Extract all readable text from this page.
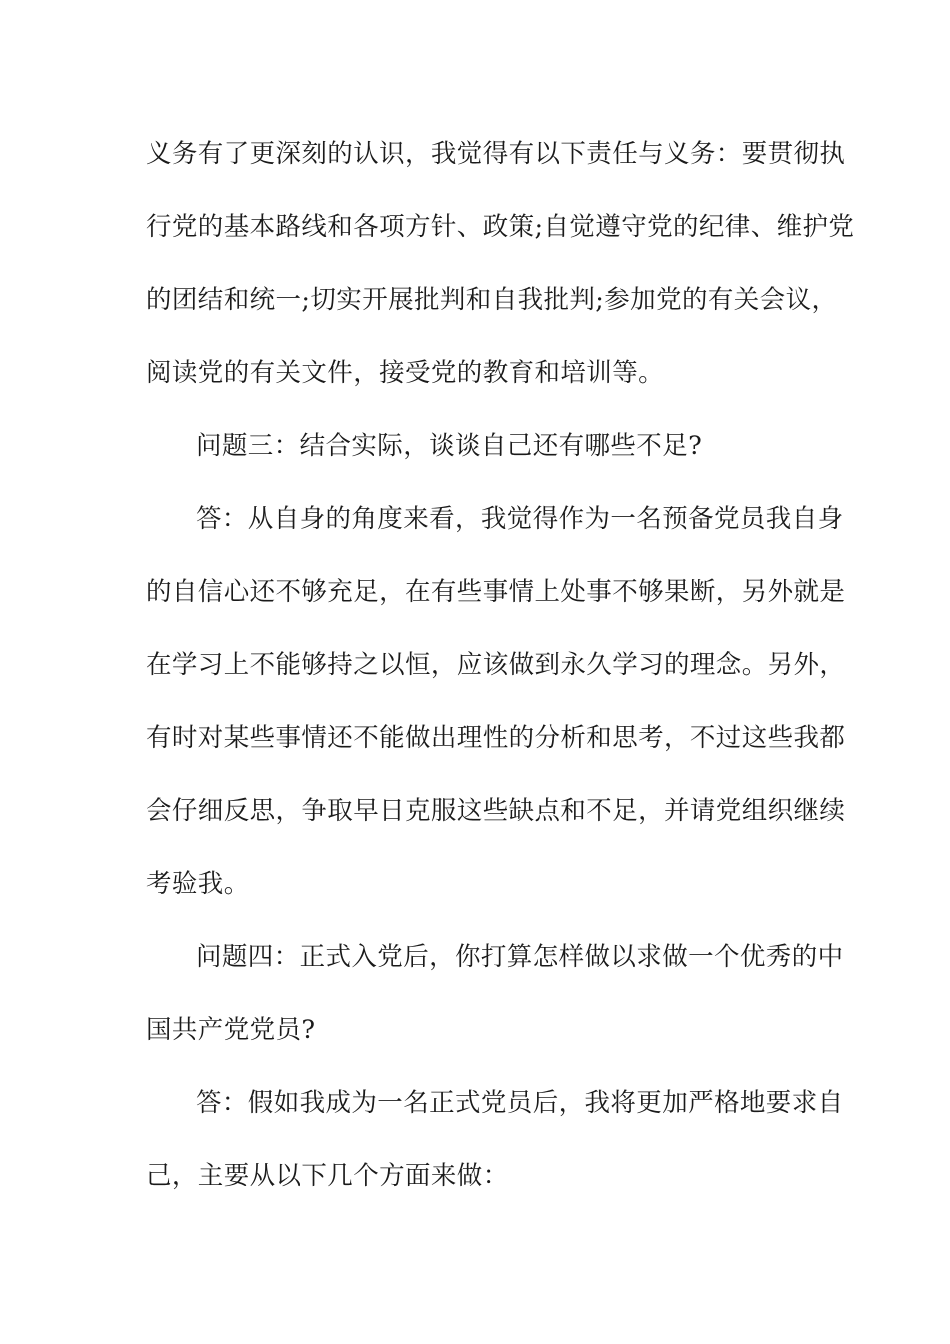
义务有了更深刻的认识，我觉得有以下责任与义务：要贯彻执
行党的基本路线和各项方针、政策;自觉遵守党的纪律、维护党
的团结和统一;切实开展批判和自我批判;参加党的有关会议，
阅读党的有关文件，接受党的教育和培训等。
问题三：结合实际，谈谈自己还有哪些不足?
答：从自身的角度来看，我觉得作为一名预备党员我自身
的自信心还不够充足，在有些事情上处事不够果断，另外就是
在学习上不能够持之以恒，应该做到永久学习的理念。另外，
有时对某些事情还不能做出理性的分析和思考，不过这些我都
会仔细反思，争取早日克服这些缺点和不足，并请党组织继续
考验我。
问题四：正式入党后，你打算怎样做以求做一个优秀的中
国共产党党员?
答：假如我成为一名正式党员后，我将更加严格地要求自
己，主要从以下几个方面来做：
